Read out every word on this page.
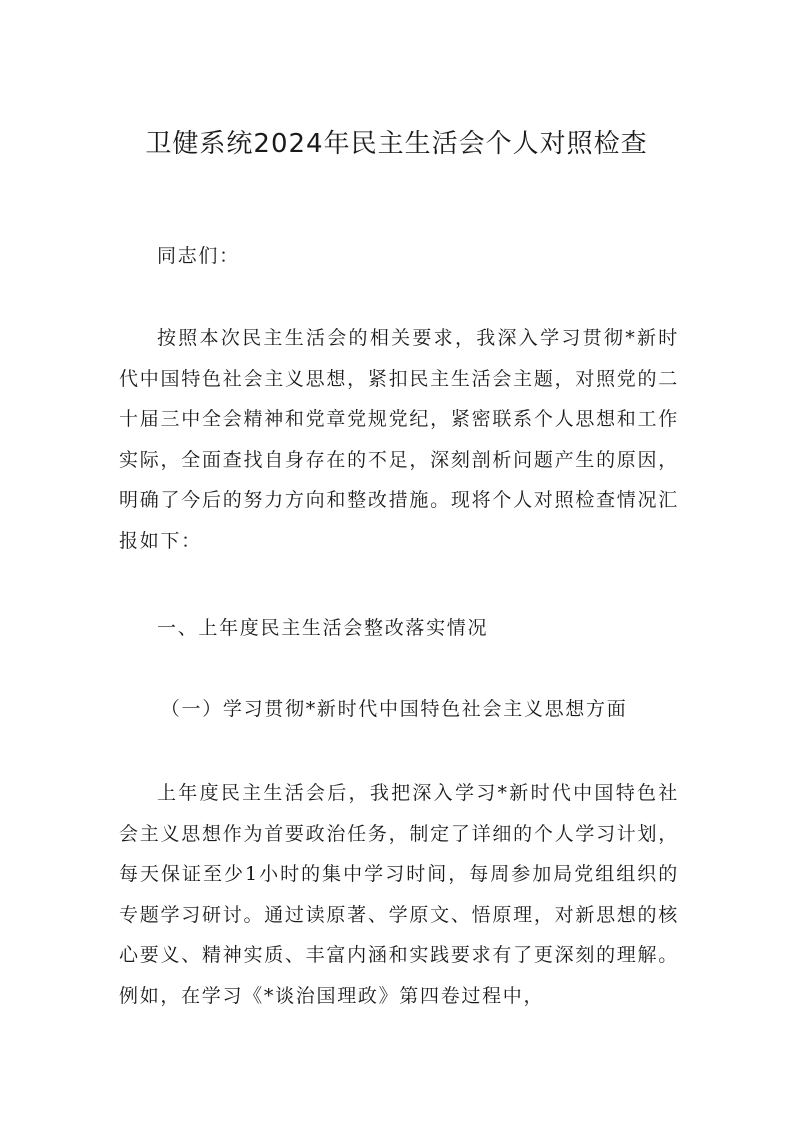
卫健系统2024年民主生活会个人对照检查

同志们：

按照本次民主生活会的相关要求，我深入学习贯彻*新时代中国特色社会主义思想，紧扣民主生活会主题，对照党的二十届三中全会精神和党章党规党纪，紧密联系个人思想和工作实际，全面查找自身存在的不足，深刻剖析问题产生的原因，明确了今后的努力方向和整改措施。现将个人对照检查情况汇报如下：

一、上年度民主生活会整改落实情况

（一）学习贯彻*新时代中国特色社会主义思想方面

上年度民主生活会后，我把深入学习*新时代中国特色社会主义思想作为首要政治任务，制定了详细的个人学习计划，每天保证至少1小时的集中学习时间，每周参加局党组组织的专题学习研讨。通过读原著、学原文、悟原理，对新思想的核心要义、精神实质、丰富内涵和实践要求有了更深刻的理解。例如，在学习《*谈治国理政》第四卷过程中，
